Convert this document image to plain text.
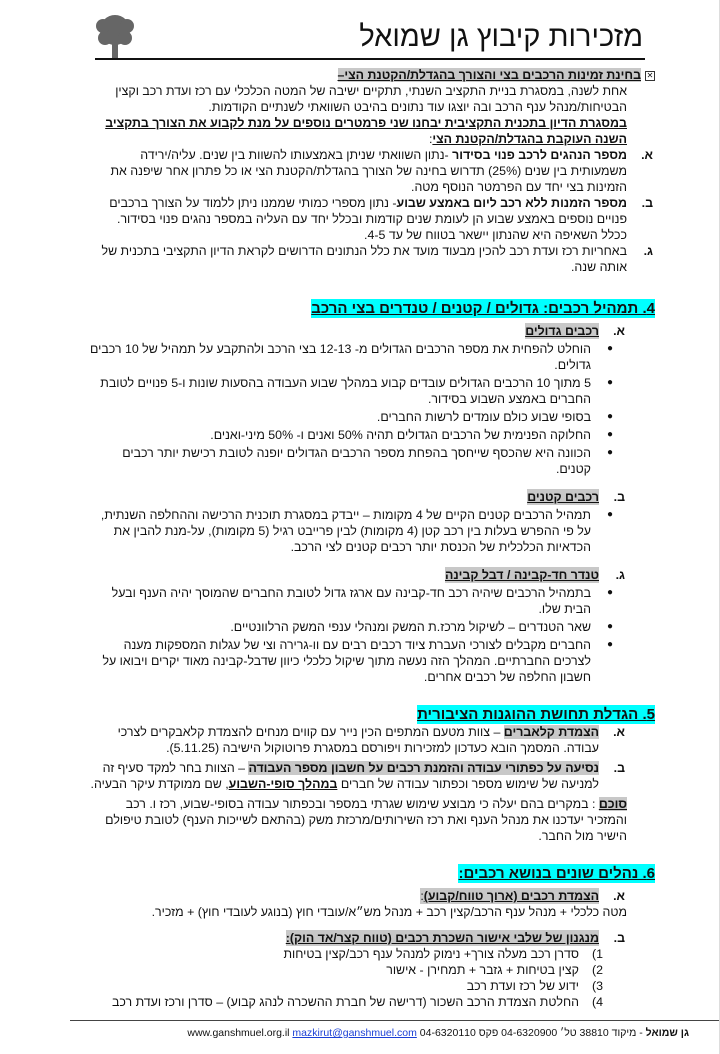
מזכירות קיבוץ גן שמואל
✕בחינת זמינות הרכבים בצי והצורך בהגדלת/הקטנת הצי–
אחת לשנה, במסגרת בניית התקציב השנתי, תתקיים ישיבה של המטה הכלכלי עם רכז ועדת רכב וקצין הבטיחות/מנהל ענף הרכב ובה יוצגו עוד נתונים בהיבט השוואתי לשנתיים הקודמות.
במסגרת הדיון בתכנית התקציבית יבחנו שני פרמטרים נוספים על מנת לקבוע את הצורך בתקציב השנה העוקבת בהגדלת/הקטנת הצי:
א.
מספר הנהגים לרכב פנוי בסידור -נתון השוואתי שניתן באמצעותו להשוות בין שנים. עליה/ירידה משמעותית בין שנים (25%) תדרוש בחינה של הצורך בהגדלת/הקטנת הצי או כל פתרון אחר שיפנה את הזמינות בצי יחד עם הפרמטר הנוסף מטה.
ב.
מספר הזמנות ללא רכב ליום באמצע שבוע- נתון מספרי כמותי שממנו ניתן ללמוד על הצורך ברכבים פנויים נוספים באמצע שבוע הן לעומת שנים קודמות ובכלל יחד עם העליה במספר נהגים פנוי בסידור. ככלל השאיפה היא שהנתון יישאר בטווח של עד 4-5.
ג.
באחריות רכז ועדת רכב להכין מבעוד מועד את כלל הנתונים הדרושים לקראת הדיון התקציבי בתכנית של אותה שנה.
4. תמהיל רכבים: גדולים / קטנים / טנדרים בצי הרכב
א.
רכבים גדולים
●
הוחלט להפחית את מספר הרכבים הגדולים מ- 12-13 בצי הרכב ולהתקבע על תמהיל של 10 רכבים גדולים.
●
5 מתוך 10 הרכבים הגדולים עובדים קבוע במהלך שבוע העבודה בהסעות שונות ו-5 פנויים לטובת החברים באמצע השבוע בסידור.
●
בסופי שבוע כולם עומדים לרשות החברים.
●
החלוקה הפנימית של הרכבים הגדולים תהיה 50% ואנים ו- 50% מיני-ואנים.
●
הכוונה היא שהכסף שייחסך בהפחת מספר הרכבים הגדולים יופנה לטובת רכישת יותר רכבים קטנים.
ב.
רכבים קטנים
●
תמהיל הרכבים קטנים הקיים של 4 מקומות – ייבדק במסגרת תוכנית הרכישה וההחלפה השנתית, על פי ההפרש בעלות בין רכב קטן (4 מקומות) לבין פרייבט רגיל (5 מקומות), על-מנת להבין את הכדאיות הכלכלית של הכנסת יותר רכבים קטנים לצי הרכב.
ג.
טנדר חד-קבינה / דבל קבינה
●
בתמהיל הרכבים שיהיה רכב חד-קבינה עם ארגז גדול לטובת החברים שהמוסך יהיה הענף ובעל הבית שלו.
●
שאר הטנדרים – לשיקול מרכז.ת המשק ומנהלי ענפי המשק הרלוונטיים.
●
החברים מקבלים לצורכי העברת ציוד רכבים רבים עם וו-גרירה וצי של עגלות המספקות מענה לצרכים החברתיים. המהלך הזה נעשה מתוך שיקול כלכלי כיוון שדבל-קבינה מאוד יקרים ויבואו על חשבון החלפה של רכבים אחרים.
5. הגדלת תחושת ההוגנות הציבורית
א.
הצמדת קלאברים – צוות מטעם המתפים הכין נייר עם קווים מנחים להצמדת קלאבקרים לצרכי עבודה. המסמך הובא כעדכון למזכירות ויפורסם במסגרת פרוטוקול הישיבה (5.11.25).
ב.
נסיעה על כפתורי עבודה והזמנת רכבים על חשבון מספר העבודה – הצוות בחר למקד סעיף זה למניעה של שימוש מספר וכפתור עבודה של חברים במהלך סופי-השבוע, שם ממוקדת עיקר הבעיה.
סוכם : במקרים בהם יעלה כי מבוצע שימוש שגרתי במספר ובכפתור עבודה בסופי-שבוע, רכז ו. רכב והמזכיר יעדכנו את מנהל הענף ואת רכז השירותים/מרכזת משק (בהתאם לשייכות הענף) לטובת טיפולם הישיר מול החבר.
6. נהלים שונים בנושא רכבים:
א.
הצמדת רכבים (ארוך טווח/קבוע):
מטה כלכלי + מנהל ענף הרכב/קצין רכב + מנהל מש״א/עובדי חוץ (בנוגע לעובדי חוץ) + מזכיר.
ב.
מנגנון של שלבי אישור השכרת רכבים (טווח קצר/אד הוק):
1)
סדרן רכב מעלה צורך+ נימוק למנהל ענף רכב/קצין בטיחות
2)
קצין בטיחות + גזבר + תמחירן - אישור
3)
ידוע של רכז ועדת רכב
4)
החלטת הצמדת הרכב השכור (דרישה של חברת ההשכרה לנהג קבוע) – סדרן ורכז ועדת רכב
גן שמואל - מיקוד 38810 טל׳ 04-6320900 פקס 04-6320110 www.ganshmuel.org.il mazkirut@ganshmuel.com
